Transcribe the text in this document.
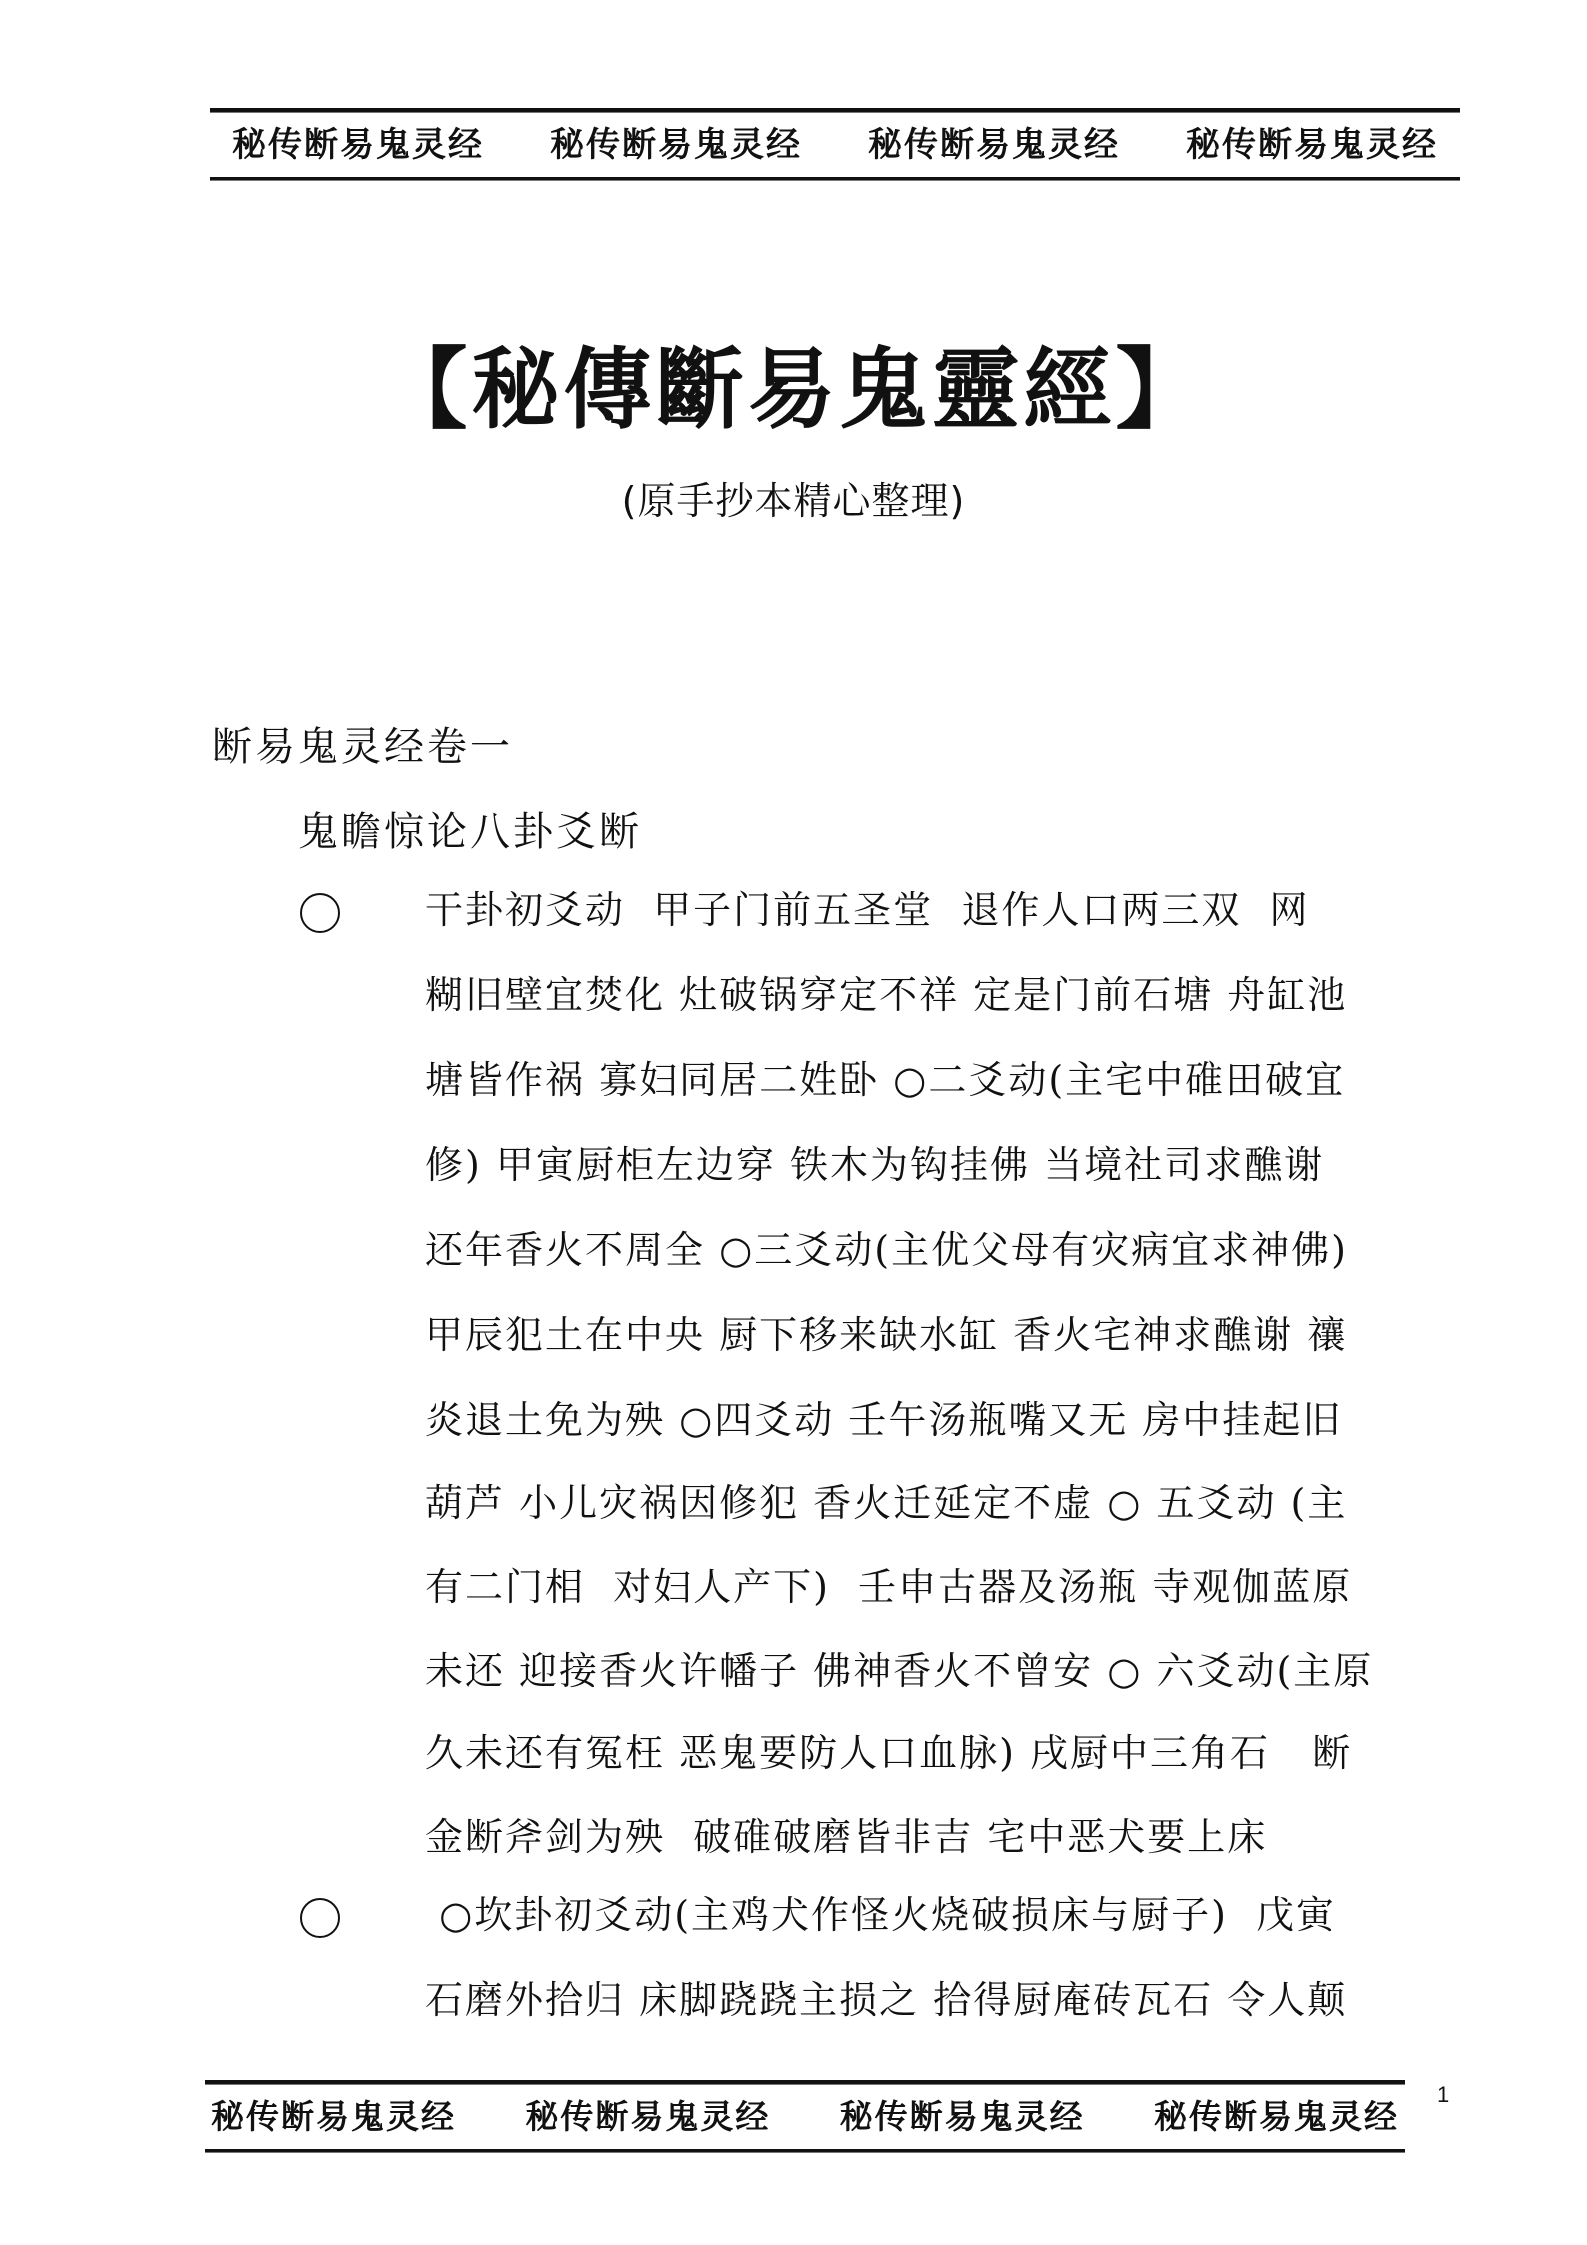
秘传断易鬼灵经 秘传断易鬼灵经 秘传断易鬼灵经 秘传断易鬼灵经
【秘傳斷易鬼靈經】
(原手抄本精心整理)
断易鬼灵经卷一
鬼瞻惊论八卦爻断
干卦初爻动  甲子门前五圣堂  退作人口两三双  网
糊旧壁宜焚化 灶破锅穿定不祥 定是门前石塘 舟缸池
塘皆作祸 寡妇同居二姓卧 ○二爻动(主宅中碓田破宜
修) 甲寅厨柜左边穿 铁木为钩挂佛 当境社司求醮谢
还年香火不周全 ○三爻动(主优父母有灾病宜求神佛)
甲辰犯土在中央 厨下移来缺水缸 香火宅神求醮谢 禳
炎退土免为殃 ○四爻动 壬午汤瓶嘴又无 房中挂起旧
葫芦 小儿灾祸因修犯 香火迁延定不虚 ○ 五爻动 (主
有二门相  对妇人产下)  壬申古器及汤瓶 寺观伽蓝原
未还 迎接香火许幡子 佛神香火不曾安 ○ 六爻动(主原
久未还有冤枉 恶鬼要防人口血脉) 戌厨中三角石   断
金断斧剑为殃  破碓破磨皆非吉 宅中恶犬要上床
○坎卦初爻动(主鸡犬作怪火烧破损床与厨子)  戊寅
石磨外拾归 床脚跷跷主损之 拾得厨庵砖瓦石 令人颠
秘传断易鬼灵经 秘传断易鬼灵经 秘传断易鬼灵经 秘传断易鬼灵经
1
